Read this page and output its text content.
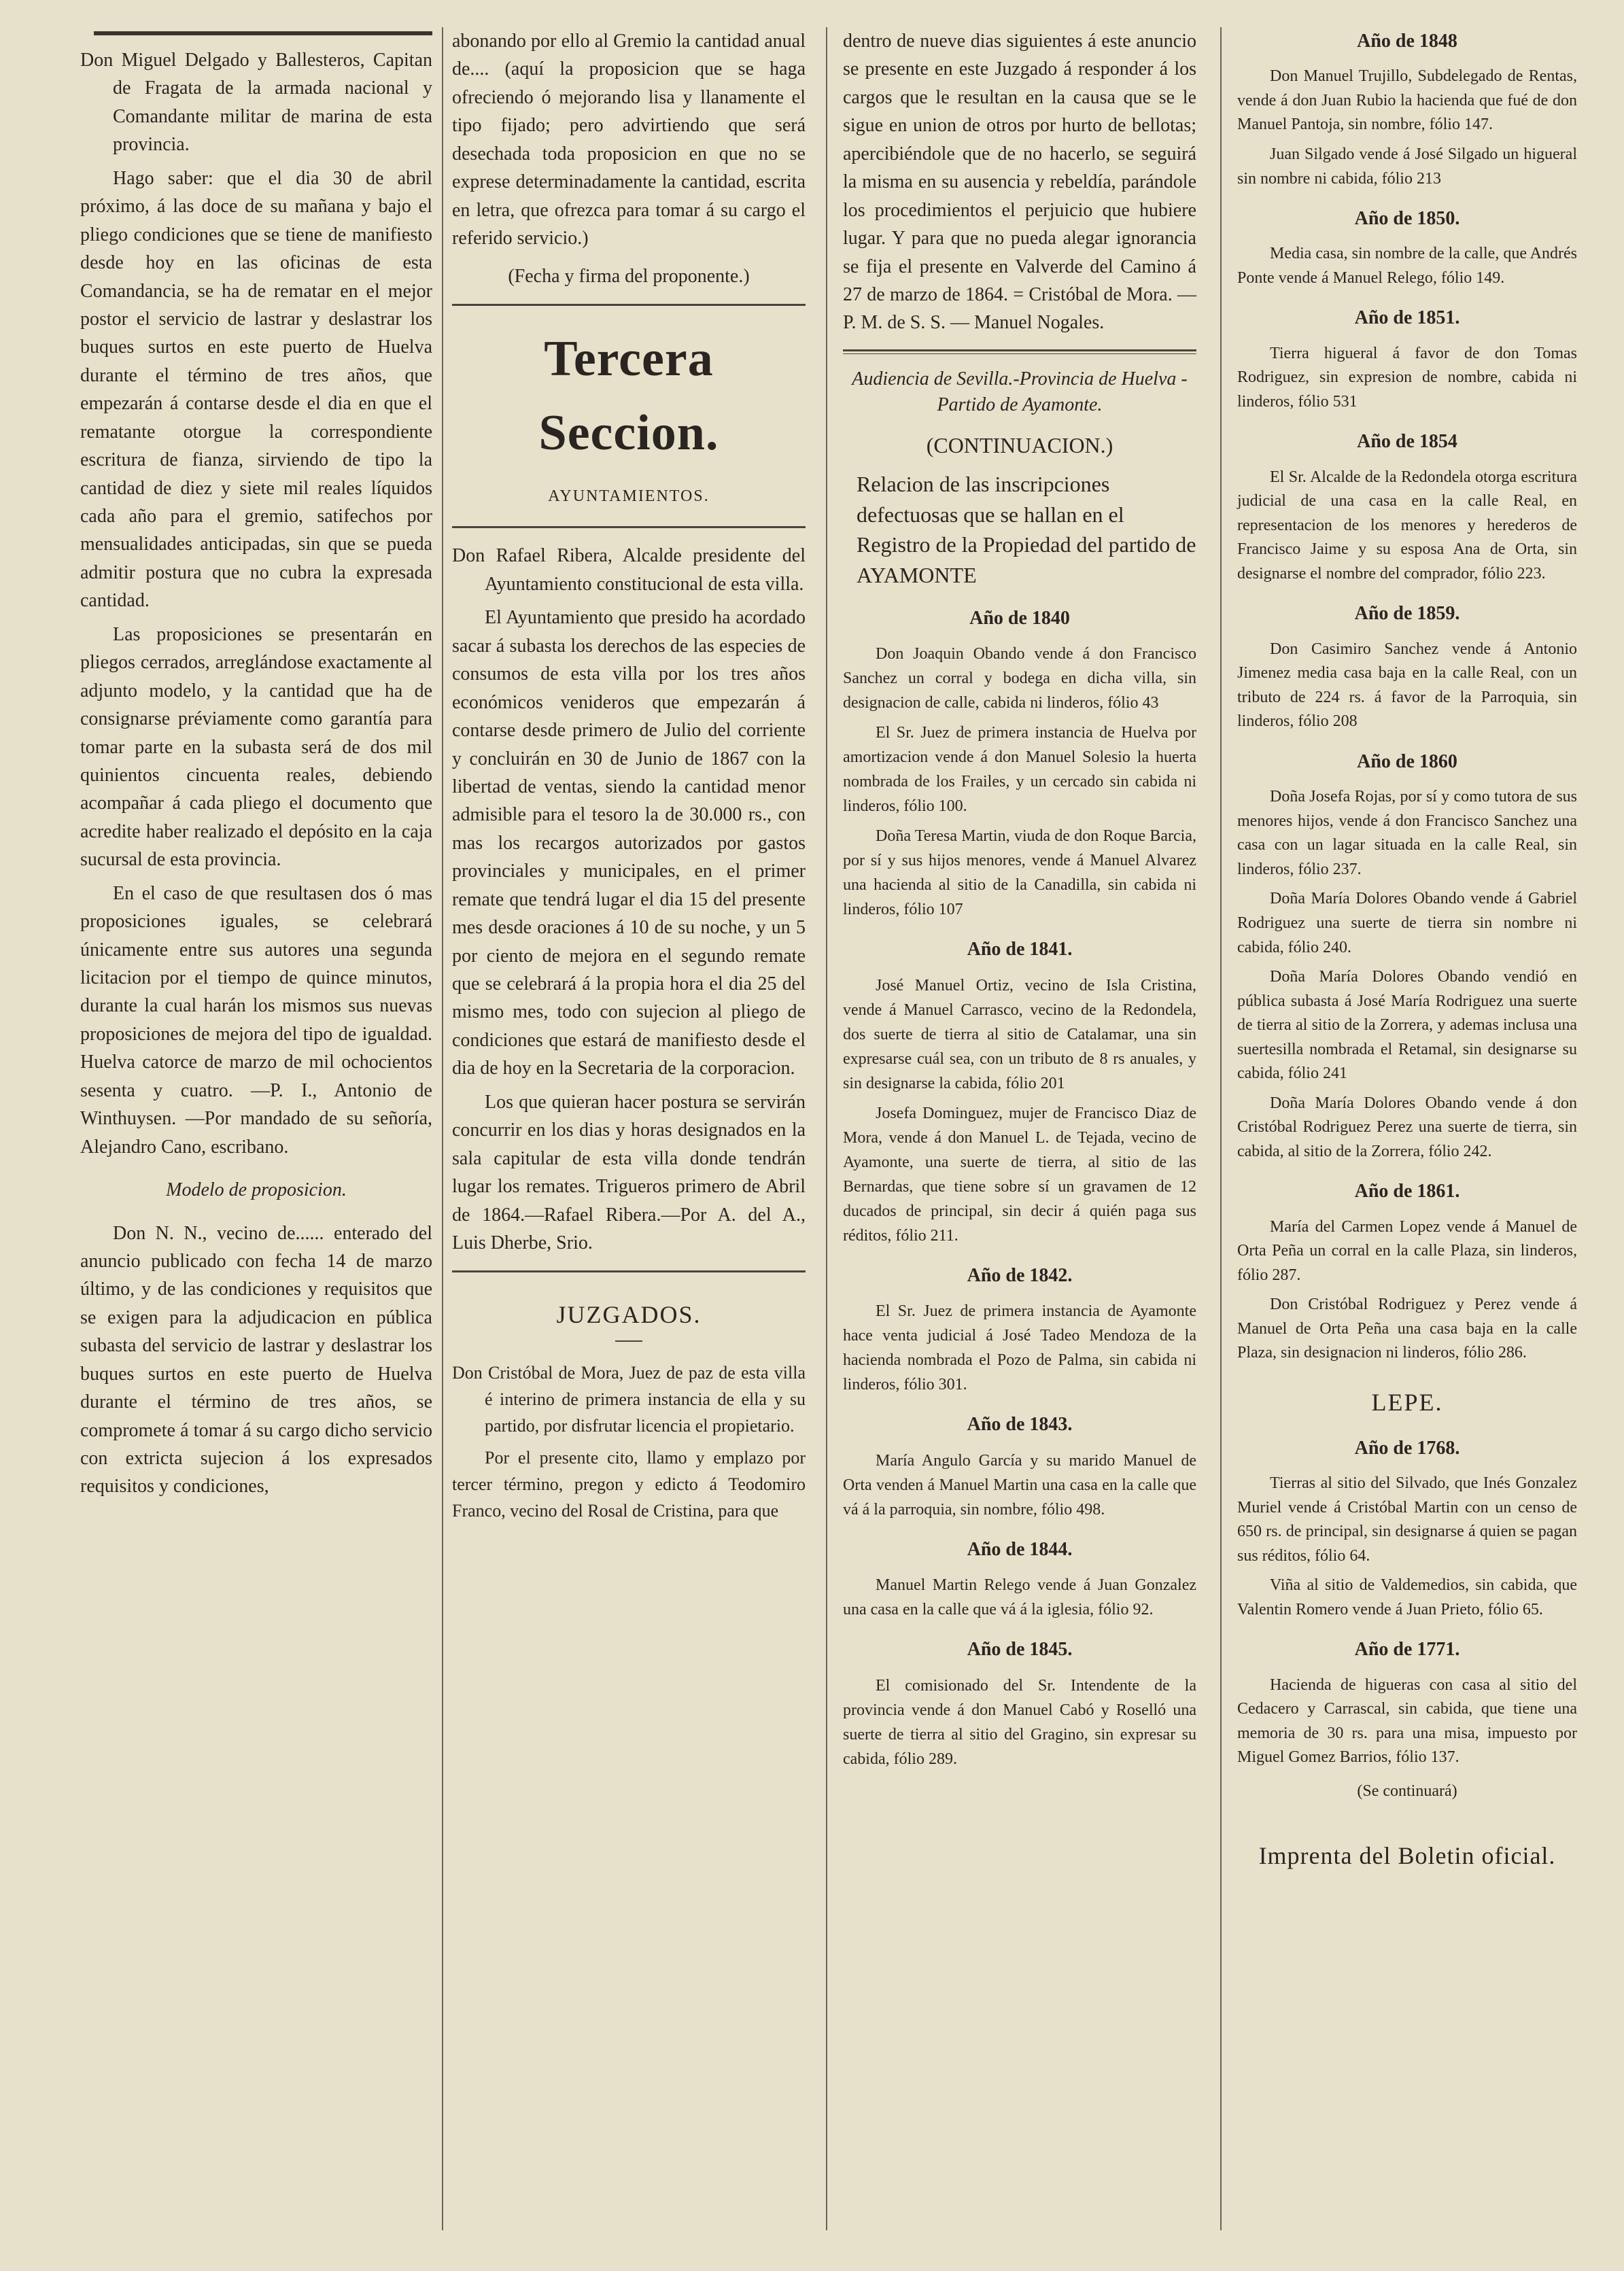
Don Miguel Delgado y Ballesteros, Capitan de Fragata de la armada nacional y Comandante militar de marina de esta provincia.

Hago saber: que el dia 30 de abril próximo, á las doce de su mañana y bajo el pliego condiciones que se tiene de manifiesto desde hoy en las oficinas de esta Comandancia, se ha de rematar en el mejor postor el servicio de lastrar y deslastrar los buques surtos en este puerto de Huelva durante el término de tres años, que empezarán á contarse desde el dia en que el rematante otorgue la correspondiente escritura de fianza, sirviendo de tipo la cantidad de diez y siete mil reales líquidos cada año para el gremio, satifechos por mensualidades anticipadas, sin que se pueda admitir postura que no cubra la expresada cantidad.

Las proposiciones se presentarán en pliegos cerrados, arreglándose exactamente al adjunto modelo, y la cantidad que ha de consignarse préviamente como garantía para tomar parte en la subasta será de dos mil quinientos cincuenta reales, debiendo acompañar á cada pliego el documento que acredite haber realizado el depósito en la caja sucursal de esta provincia.

En el caso de que resultasen dos ó mas proposiciones iguales, se celebrará únicamente entre sus autores una segunda licitacion por el tiempo de quince minutos, durante la cual harán los mismos sus nuevas proposiciones de mejora del tipo de igualdad. Huelva catorce de marzo de mil ochocientos sesenta y cuatro. —P. I., Antonio de Winthuysen. —Por mandado de su señoría, Alejandro Cano, escribano.

Modelo de proposicion.

Don N. N., vecino de...... enterado del anuncio publicado con fecha 14 de marzo último, y de las condiciones y requisitos que se exigen para la adjudicacion en pública subasta del servicio de lastrar y deslastrar los buques surtos en este puerto de Huelva durante el término de tres años, se compromete á tomar á su cargo dicho servicio con extricta sujecion á los expresados requisitos y condiciones,

abonando por ello al Gremio la cantidad anual de.... (aquí la proposicion que se haga ofreciendo ó mejorando lisa y llanamente el tipo fijado; pero advirtiendo que será desechada toda proposicion en que no se exprese determinadamente la cantidad, escrita en letra, que ofrezca para tomar á su cargo el referido servicio.)

(Fecha y firma del proponente.)

Tercera Seccion.
AYUNTAMIENTOS.

Don Rafael Ribera, Alcalde presidente del Ayuntamiento constitucional de esta villa.

El Ayuntamiento que presido ha acordado sacar á subasta los derechos de las especies de consumos de esta villa por los tres años económicos venideros que empezarán á contarse desde primero de Julio del corriente y concluirán en 30 de Junio de 1867 con la libertad de ventas, siendo la cantidad menor admisible para el tesoro la de 30.000 rs., con mas los recargos autorizados por gastos provinciales y municipales, en el primer remate que tendrá lugar el dia 15 del presente mes desde oraciones á 10 de su noche, y un 5 por ciento de mejora en el segundo remate que se celebrará á la propia hora el dia 25 del mismo mes, todo con sujecion al pliego de condiciones que estará de manifiesto desde el dia de hoy en la Secretaria de la corporacion.

Los que quieran hacer postura se servirán concurrir en los dias y horas designados en la sala capitular de esta villa donde tendrán lugar los remates. Trigueros primero de Abril de 1864.—Rafael Ribera.—Por A. del A., Luis Dherbe, Srio.

JUZGADOS.

Don Cristóbal de Mora, Juez de paz de esta villa é interino de primera instancia de ella y su partido, por disfrutar licencia el propietario.

Por el presente cito, llamo y emplazo por tercer término, pregon y edicto á Teodomiro Franco, vecino del Rosal de Cristina, para que

dentro de nueve dias siguientes á este anuncio se presente en este Juzgado á responder á los cargos que le resultan en la causa que se le sigue en union de otros por hurto de bellotas; apercibiéndole que de no hacerlo, se seguirá la misma en su ausencia y rebeldía, parándole los procedimientos el perjuicio que hubiere lugar. Y para que no pueda alegar ignorancia se fija el presente en Valverde del Camino á 27 de marzo de 1864. = Cristóbal de Mora. — P. M. de S. S. — Manuel Nogales.

Audiencia de Sevilla.-Provincia de Huelva -Partido de Ayamonte.
(CONTINUACION.)
Relacion de las inscripciones defectuosas que se hallan en el Registro de la Propiedad del partido de AYAMONTE
Año de 1840

Don Joaquin Obando vende á don Francisco Sanchez un corral y bodega en dicha villa, sin designacion de calle, cabida ni linderos, fólio 43

El Sr. Juez de primera instancia de Huelva por amortizacion vende á don Manuel Solesio la huerta nombrada de los Frailes, y un cercado sin cabida ni linderos, fólio 100.

Doña Teresa Martin, viuda de don Roque Barcia, por sí y sus hijos menores, vende á Manuel Alvarez una hacienda al sitio de la Canadilla, sin cabida ni linderos, fólio 107

Año de 1841.

José Manuel Ortiz, vecino de Isla Cristina, vende á Manuel Carrasco, vecino de la Redondela, dos suerte de tierra al sitio de Catalamar, una sin expresarse cuál sea, con un tributo de 8 rs anuales, y sin designarse la cabida, fólio 201

Josefa Dominguez, mujer de Francisco Diaz de Mora, vende á don Manuel L. de Tejada, vecino de Ayamonte, una suerte de tierra, al sitio de las Bernardas, que tiene sobre sí un gravamen de 12 ducados de principal, sin decir á quién paga sus réditos, fólio 211.

Año de 1842.

El Sr. Juez de primera instancia de Ayamonte hace venta judicial á José Tadeo Mendoza de la hacienda nombrada el Pozo de Palma, sin cabida ni linderos, fólio 301.

Año de 1843.

María Angulo García y su marido Manuel de Orta venden á Manuel Martin una casa en la calle que vá á la parroquia, sin nombre, fólio 498.

Año de 1844.

Manuel Martin Relego vende á Juan Gonzalez una casa en la calle que vá á la iglesia, fólio 92.

Año de 1845.

El comisionado del Sr. Intendente de la provincia vende á don Manuel Cabó y Roselló una suerte de tierra al sitio del Gragino, sin expresar su cabida, fólio 289.

Año de 1848

Don Manuel Trujillo, Subdelegado de Rentas, vende á don Juan Rubio la hacienda que fué de don Manuel Pantoja, sin nombre, fólio 147.

Juan Silgado vende á José Silgado un higueral sin nombre ni cabida, fólio 213

Año de 1850.

Media casa, sin nombre de la calle, que Andrés Ponte vende á Manuel Relego, fólio 149.

Año de 1851.

Tierra higueral á favor de don Tomas Rodriguez, sin expresion de nombre, cabida ni linderos, fólio 531

Año de 1854

El Sr. Alcalde de la Redondela otorga escritura judicial de una casa en la calle Real, en representacion de los menores y herederos de Francisco Jaime y su esposa Ana de Orta, sin designarse el nombre del comprador, fólio 223.

Año de 1859.

Don Casimiro Sanchez vende á Antonio Jimenez media casa baja en la calle Real, con un tributo de 224 rs. á favor de la Parroquia, sin linderos, fólio 208

Año de 1860

Doña Josefa Rojas, por sí y como tutora de sus menores hijos, vende á don Francisco Sanchez una casa con un lagar situada en la calle Real, sin linderos, fólio 237.

Doña María Dolores Obando vende á Gabriel Rodriguez una suerte de tierra sin nombre ni cabida, fólio 240.

Doña María Dolores Obando vendió en pública subasta á José María Rodriguez una suerte de tierra al sitio de la Zorrera, y ademas inclusa una suertesilla nombrada el Retamal, sin designarse su cabida, fólio 241

Doña María Dolores Obando vende á don Cristóbal Rodriguez Perez una suerte de tierra, sin cabida, al sitio de la Zorrera, fólio 242.

Año de 1861.

María del Carmen Lopez vende á Manuel de Orta Peña un corral en la calle Plaza, sin linderos, fólio 287.

Don Cristóbal Rodriguez y Perez vende á Manuel de Orta Peña una casa baja en la calle Plaza, sin designacion ni linderos, fólio 286.

LEPE.
Año de 1768.

Tierras al sitio del Silvado, que Inés Gonzalez Muriel vende á Cristóbal Martin con un censo de 650 rs. de principal, sin designarse á quien se pagan sus réditos, fólio 64.

Viña al sitio de Valdemedios, sin cabida, que Valentin Romero vende á Juan Prieto, fólio 65.

Año de 1771.

Hacienda de higueras con casa al sitio del Cedacero y Carrascal, sin cabida, que tiene una memoria de 30 rs. para una misa, impuesto por Miguel Gomez Barrios, fólio 137.

(Se continuará)

Imprenta del Boletin oficial.
